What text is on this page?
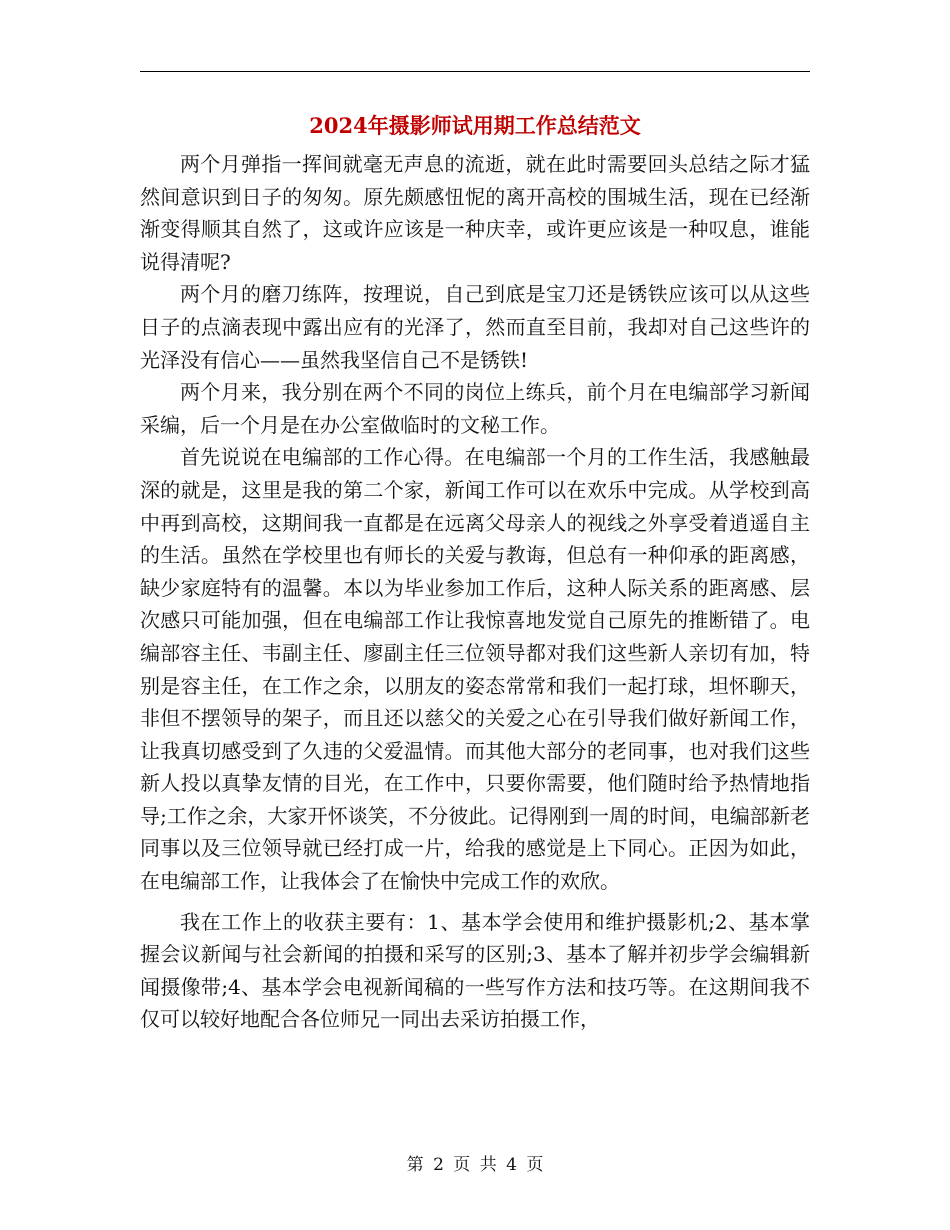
2024年摄影师试用期工作总结范文

两个月弹指一挥间就毫无声息的流逝，就在此时需要回头总结之际才猛然间意识到日子的匆匆。原先颇感忸怩的离开高校的围城生活，现在已经渐渐变得顺其自然了，这或许应该是一种庆幸，或许更应该是一种叹息，谁能说得清呢?

两个月的磨刀练阵，按理说，自己到底是宝刀还是锈铁应该可以从这些日子的点滴表现中露出应有的光泽了，然而直至目前，我却对自己这些许的光泽没有信心——虽然我坚信自己不是锈铁!

两个月来，我分别在两个不同的岗位上练兵，前个月在电编部学习新闻采编，后一个月是在办公室做临时的文秘工作。

首先说说在电编部的工作心得。在电编部一个月的工作生活，我感触最深的就是，这里是我的第二个家，新闻工作可以在欢乐中完成。从学校到高中再到高校，这期间我一直都是在远离父母亲人的视线之外享受着逍遥自主的生活。虽然在学校里也有师长的关爱与教诲，但总有一种仰承的距离感，缺少家庭特有的温馨。本以为毕业参加工作后，这种人际关系的距离感、层次感只可能加强，但在电编部工作让我惊喜地发觉自己原先的推断错了。电编部容主任、韦副主任、廖副主任三位领导都对我们这些新人亲切有加，特别是容主任，在工作之余，以朋友的姿态常常和我们一起打球，坦怀聊天，非但不摆领导的架子，而且还以慈父的关爱之心在引导我们做好新闻工作，让我真切感受到了久违的父爱温情。而其他大部分的老同事，也对我们这些新人投以真挚友情的目光，在工作中，只要你需要，他们随时给予热情地指导;工作之余，大家开怀谈笑，不分彼此。记得刚到一周的时间，电编部新老同事以及三位领导就已经打成一片，给我的感觉是上下同心。正因为如此，在电编部工作，让我体会了在愉快中完成工作的欢欣。

我在工作上的收获主要有：1、基本学会使用和维护摄影机;2、基本掌握会议新闻与社会新闻的拍摄和采写的区别;3、基本了解并初步学会编辑新闻摄像带;4、基本学会电视新闻稿的一些写作方法和技巧等。在这期间我不仅可以较好地配合各位师兄一同出去采访拍摄工作，

第 2 页 共 4 页
